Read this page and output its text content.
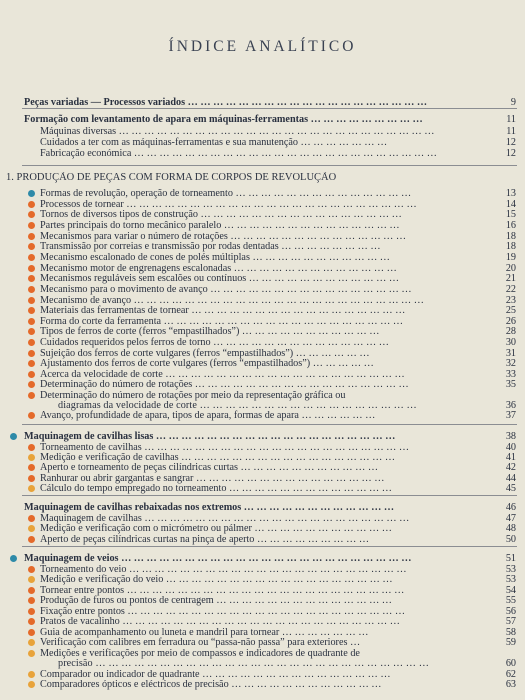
ÍNDICE ANALÍTICO
Peças variadas — Processos variados … … … … … … … … … … … … … … … … … … …	9
Formação com levantamento de apara em máquinas-ferramentas … … … … … … … … …	11
Máquinas diversas … … … … … … … … … … … … … … … … … … … … … … … … …	11
Cuidados a ter com as máquinas-ferramentas e sua manutenção … … … … … … …	12
Fabricação económica … … … … … … … … … … … … … … … … … … … … … … … …	12
1. PRODUÇÃO DE PEÇAS COM FORMA DE CORPOS DE REVOLUÇÃO
Formas de revolução, operação de torneamento … … … … … … … … … … … … … …	13
Processos de tornear … … … … … … … … … … … … … … … … … … … … … … …	14
Tornos de diversos tipos de construção … … … … … … … … … … … … … … … …	15
Partes principais do torno mecânico paralelo … … … … … … … … … … … … … …	16
Mecanismos para variar o número de rotações … … … … … … … … … … … … … …	18
Transmissão por correias e transmissão por rodas dentadas … … … … … … … …	18
Mecanismo escalonado de cones de polés múltiplas … … … … … … … … … … …	19
Mecanismo motor de engrenagens escalonadas … … … … … … … … … … … … …	20
Mecanismos reguláveis sem escalões ou contínuos … … … … … … … … … … … …	21
Mecanismo para o movimento de avanço … … … … … … … … … … … … … … … …	22
Mecanismo de avanço … … … … … … … … … … … … … … … … … … … … … … …	23
Materiais das ferramentas de tornear … … … … … … … … … … … … … … … … …	25
Forma do corte da ferramenta … … … … … … … … … … … … … … … … … … …	26
Tipos de ferros de corte (ferros “empastilhados”) … … … … … … … … … … …	28
Cuidados requeridos pelos ferros de torno … … … … … … … … … … … … … …	30
Sujeição dos ferros de corte vulgares (ferros “empastilhados”) … … … … … …	31
Ajustamento dos ferros de corte vulgares (ferros “empastilhados”) … … … … …	32
Acerca da velocidade de corte … … … … … … … … … … … … … … … … … … …	33
Determinação do número de rotações … … … … … … … … … … … … … … … … …	35
Determinação do número de rotações por meio da representação gráfica ou
diagramas da velocidade de corte … … … … … … … … … … … … … … … … …	36
Avanço, profundidade de apara, tipos de apara, formas de apara … … … … … …	37
Maquinagem de cavilhas lisas … … … … … … … … … … … … … … … … … … …	38
Torneamento de cavilhas … … … … … … … … … … … … … … … … … … … … …	40
Medição e verificação de cavilhas … … … … … … … … … … … … … … … … …	41
Aperto e torneamento de peças cilíndricas curtas … … … … … … … … … … …	42
Ranhurar ou abrir gargantas e sangrar … … … … … … … … … … … … … … …	44
Cálculo do tempo empregado no torneamento … … … … … … … … … … … … …	45
Maquinagem de cavilhas rebaixadas nos extremos … … … … … … … … … … … …	46
Maquinagem de cavilhas … … … … … … … … … … … … … … … … … … … … …	47
Medição e verificação com o micrómetro ou pálmer … … … … … … … … … … …	48
Aperto de peças cilíndricas curtas na pinça de aperto … … … … … … … … …	50
Maquinagem de veios … … … … … … … … … … … … … … … … … … … … … … …	51
Torneamento do veio … … … … … … … … … … … … … … … … … … … … … …	53
Medição e verificação do veio … … … … … … … … … … … … … … … … … …	53
Tornear entre pontos … … … … … … … … … … … … … … … … … … … … … …	54
Produção de furos ou pontos de centragem … … … … … … … … … … … … … …	55
Fixação entre pontos … … … … … … … … … … … … … … … … … … … … … …	56
Pratos de vacalinho … … … … … … … … … … … … … … … … … … … … … …	57
Guia de acompanhamento ou luneta e mandril para tornear … … … … … … …	58
Verificação com calibres em ferradura ou “passa-não passa” para exteriores …	59
Medições e verificações por meio de compassos e indicadores de quadrante de
precisão … … … … … … … … … … … … … … … … … … … … … … … … … …	60
Comparador ou indicador de quadrante … … … … … … … … … … … … … … …	62
Comparadores ópticos e eléctricos de precisão … … … … … … … … … … … …	63
